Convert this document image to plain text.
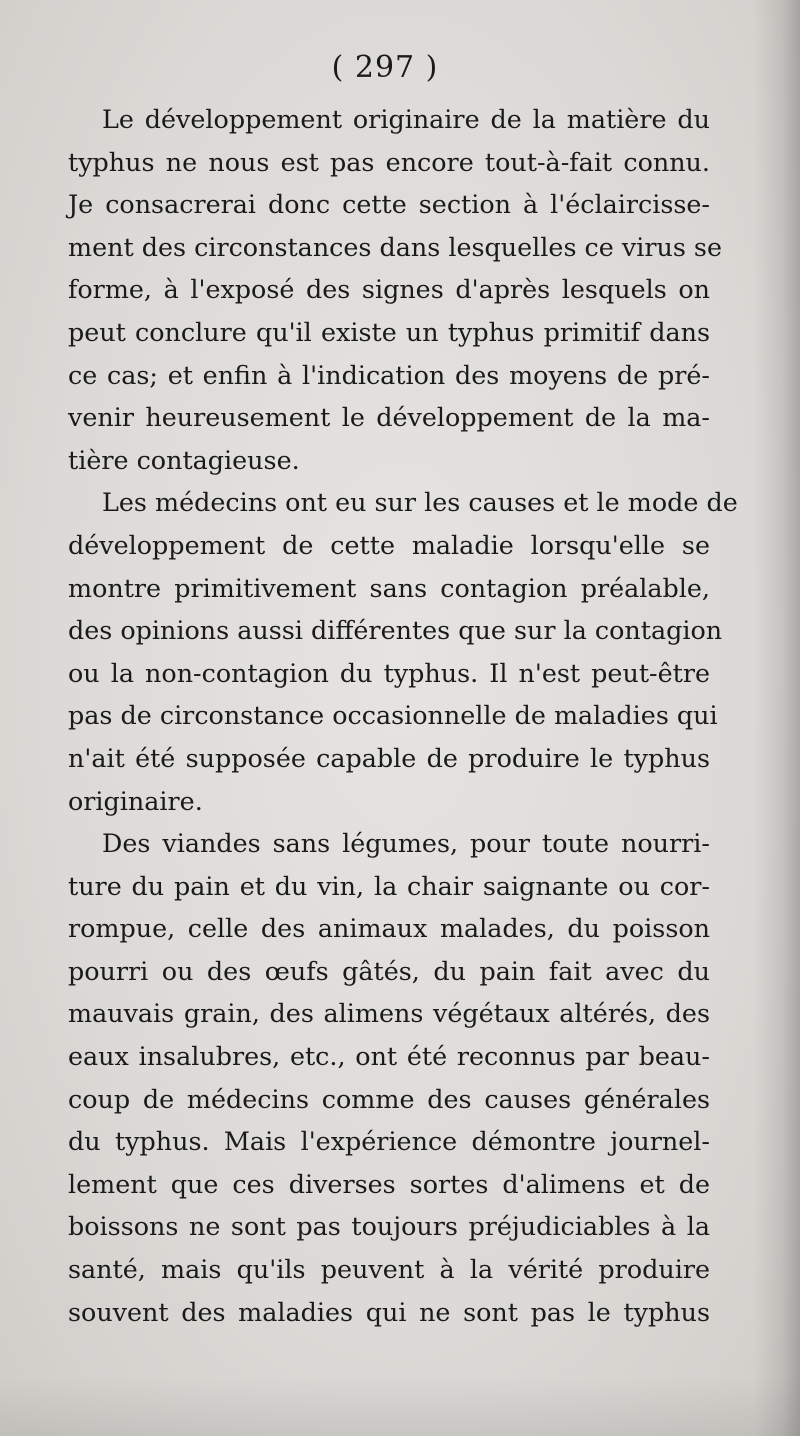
( 297 )
Le développement originaire de la matière du
typhus ne nous est pas encore tout-à-fait connu.
Je consacrerai donc cette section à l'éclaircisse-
ment des circonstances dans lesquelles ce virus se
forme, à l'exposé des signes d'après lesquels on
peut conclure qu'il existe un typhus primitif dans
ce cas; et enfin à l'indication des moyens de pré-
venir heureusement le développement de la ma-
tière contagieuse.
Les médecins ont eu sur les causes et le mode de
développement de cette maladie lorsqu'elle se
montre primitivement sans contagion préalable,
des opinions aussi différentes que sur la contagion
ou la non-contagion du typhus. Il n'est peut-être
pas de circonstance occasionnelle de maladies qui
n'ait été supposée capable de produire le typhus
originaire.
Des viandes sans légumes, pour toute nourri-
ture du pain et du vin, la chair saignante ou cor-
rompue, celle des animaux malades, du poisson
pourri ou des œufs gâtés, du pain fait avec du
mauvais grain, des alimens végétaux altérés, des
eaux insalubres, etc., ont été reconnus par beau-
coup de médecins comme des causes générales
du typhus. Mais l'expérience démontre journel-
lement que ces diverses sortes d'alimens et de
boissons ne sont pas toujours préjudiciables à la
santé, mais qu'ils peuvent à la vérité produire
souvent des maladies qui ne sont pas le typhus
